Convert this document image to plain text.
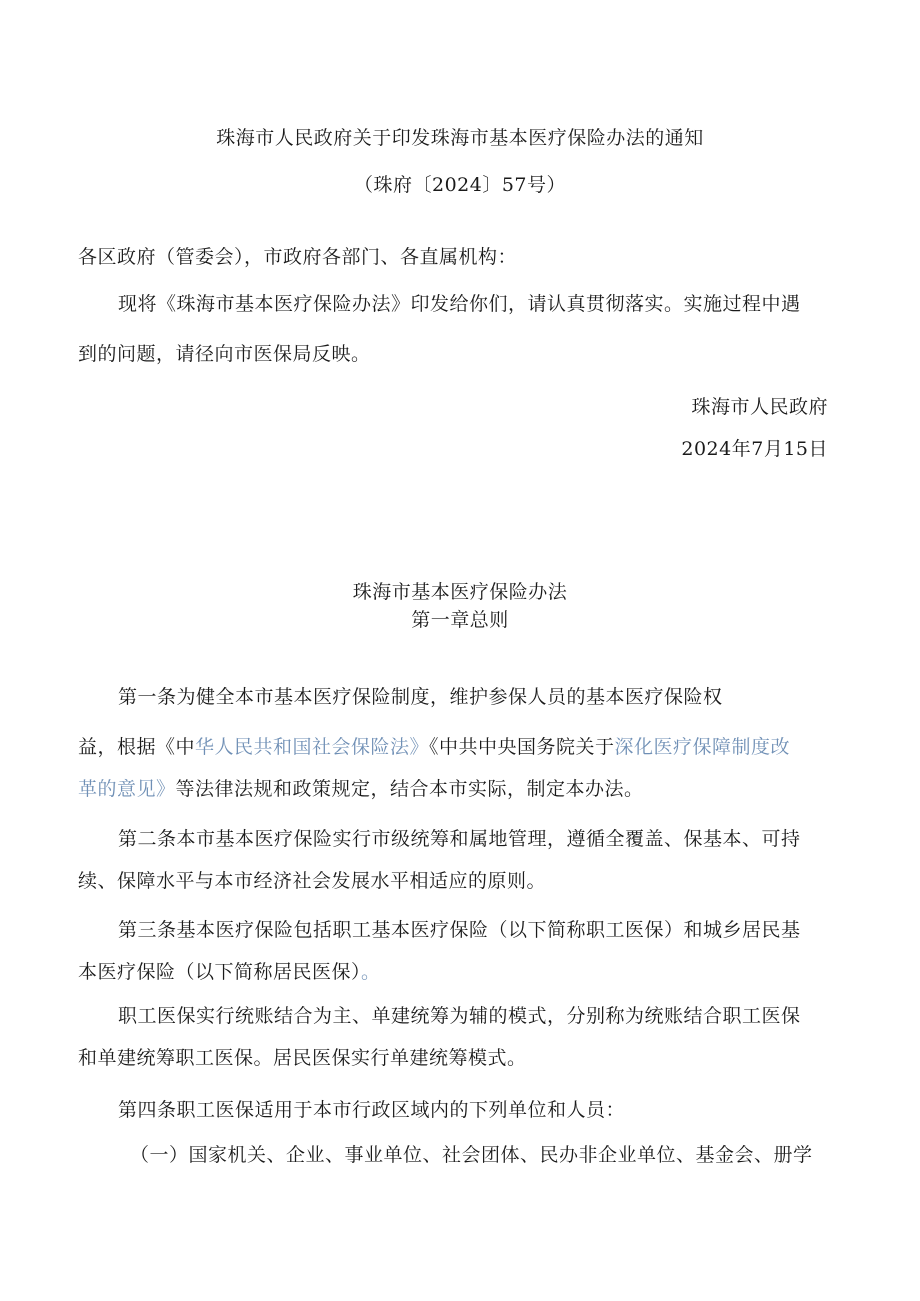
珠海市人民政府关于印发珠海市基本医疗保险办法的通知
（珠府〔2024〕57号）
各区政府（管委会），市政府各部门、各直属机构：
现将《珠海市基本医疗保险办法》印发给你们，请认真贯彻落实。实施过程中遇
到的问题，请径向市医保局反映。
珠海市人民政府
2024年7月15日
珠海市基本医疗保险办法
第一章总则
第一条为健全本市基本医疗保险制度，维护参保人员的基本医疗保险权
益，根据《中华人民共和国社会保险法》《中共中央国务院关于深化医疗保障制度改
革的意见》等法律法规和政策规定，结合本市实际，制定本办法。
第二条本市基本医疗保险实行市级统筹和属地管理，遵循全覆盖、保基本、可持
续、保障水平与本市经济社会发展水平相适应的原则。
第三条基本医疗保险包括职工基本医疗保险（以下简称职工医保）和城乡居民基
本医疗保险（以下简称居民医保）。
职工医保实行统账结合为主、单建统筹为辅的模式，分别称为统账结合职工医保
和单建统筹职工医保。居民医保实行单建统筹模式。
第四条职工医保适用于本市行政区域内的下列单位和人员：
（一）国家机关、企业、事业单位、社会团体、民办非企业单位、基金会、册学
